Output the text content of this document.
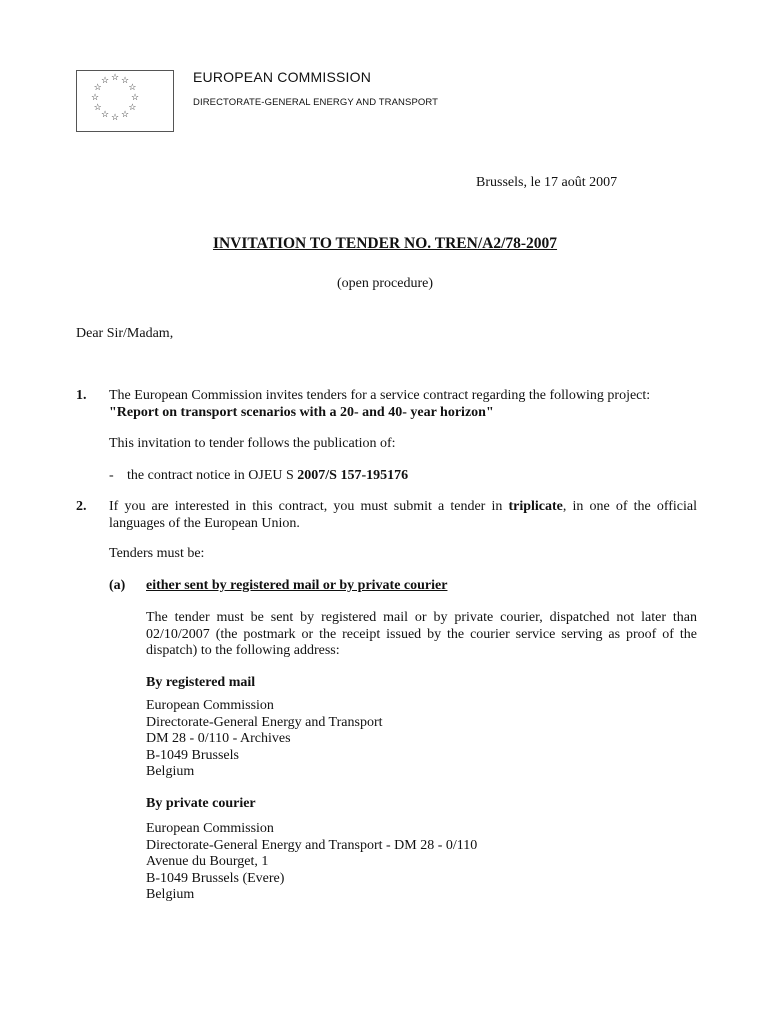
☆ ☆
☆
☆
☆
☆
☆
☆
☆
☆
☆
☆	EUROPEAN COMMISSION
DIRECTORATE-GENERAL ENERGY AND TRANSPORT
Brussels, le 17 août 2007
INVITATION TO TENDER NO. TREN/A2/78-2007
(open procedure)
Dear Sir/Madam,
1. The European Commission invites tenders for a service contract regarding the following project:
"Report on transport scenarios with a 20- and 40- year horizon"
This invitation to tender follows the publication of:
- the contract notice in OJEU S 2007/S 157-195176
2. If you are interested in this contract, you must submit a tender in triplicate, in one of the official languages of the European Union.
Tenders must be:
(a) either sent by registered mail or by private courier
The tender must be sent by registered mail or by private courier, dispatched not later than 02/10/2007 (the postmark or the receipt issued by the courier service serving as proof of the dispatch) to the following address:
By registered mail
European Commission
Directorate-General Energy and Transport
DM 28 - 0/110 - Archives
B-1049 Brussels
Belgium
By private courier
European Commission
Directorate-General Energy and Transport - DM 28 - 0/110
Avenue du Bourget, 1
B-1049 Brussels (Evere)
Belgium
